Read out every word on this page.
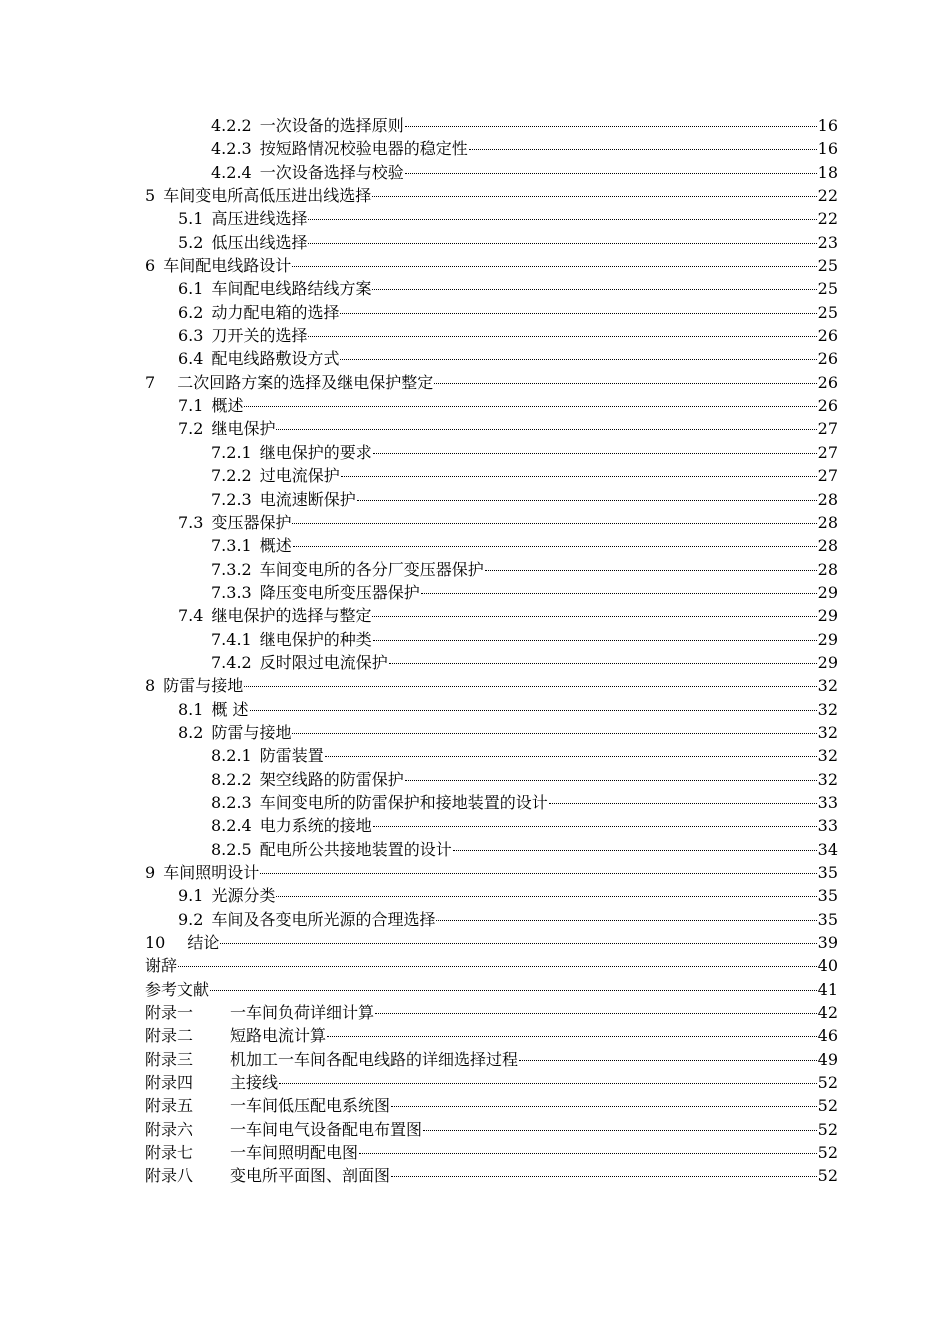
4.2.2 一次设备的选择原则	16
4.2.3 按短路情况校验电器的稳定性	16
4.2.4 一次设备选择与校验	18
5 车间变电所高低压进出线选择	22
5.1 高压进线选择	22
5.2 低压出线选择	23
6 车间配电线路设计	25
6.1 车间配电线路结线方案	25
6.2 动力配电箱的选择	25
6.3 刀开关的选择	26
6.4 配电线路敷设方式	26
7 二次回路方案的选择及继电保护整定	26
7.1 概述	26
7.2 继电保护	27
7.2.1 继电保护的要求	27
7.2.2 过电流保护	27
7.2.3 电流速断保护	28
7.3 变压器保护	28
7.3.1 概述	28
7.3.2 车间变电所的各分厂变压器保护	28
7.3.3 降压变电所变压器保护	29
7.4 继电保护的选择与整定	29
7.4.1 继电保护的种类	29
7.4.2 反时限过电流保护	29
8 防雷与接地	32
8.1 概 述	32
8.2 防雷与接地	32
8.2.1 防雷装置	32
8.2.2 架空线路的防雷保护	32
8.2.3 车间变电所的防雷保护和接地装置的设计	33
8.2.4 电力系统的接地	33
8.2.5 配电所公共接地装置的设计	34
9 车间照明设计	35
9.1 光源分类	35
9.2 车间及各变电所光源的合理选择	35
10 结论	39
谢辞	40
参考文献	41
附录一	一车间负荷详细计算	42
附录二	短路电流计算	46
附录三	机加工一车间各配电线路的详细选择过程	49
附录四	主接线	52
附录五	一车间低压配电系统图	52
附录六	一车间电气设备配电布置图	52
附录七	一车间照明配电图	52
附录八	变电所平面图、剖面图	52
